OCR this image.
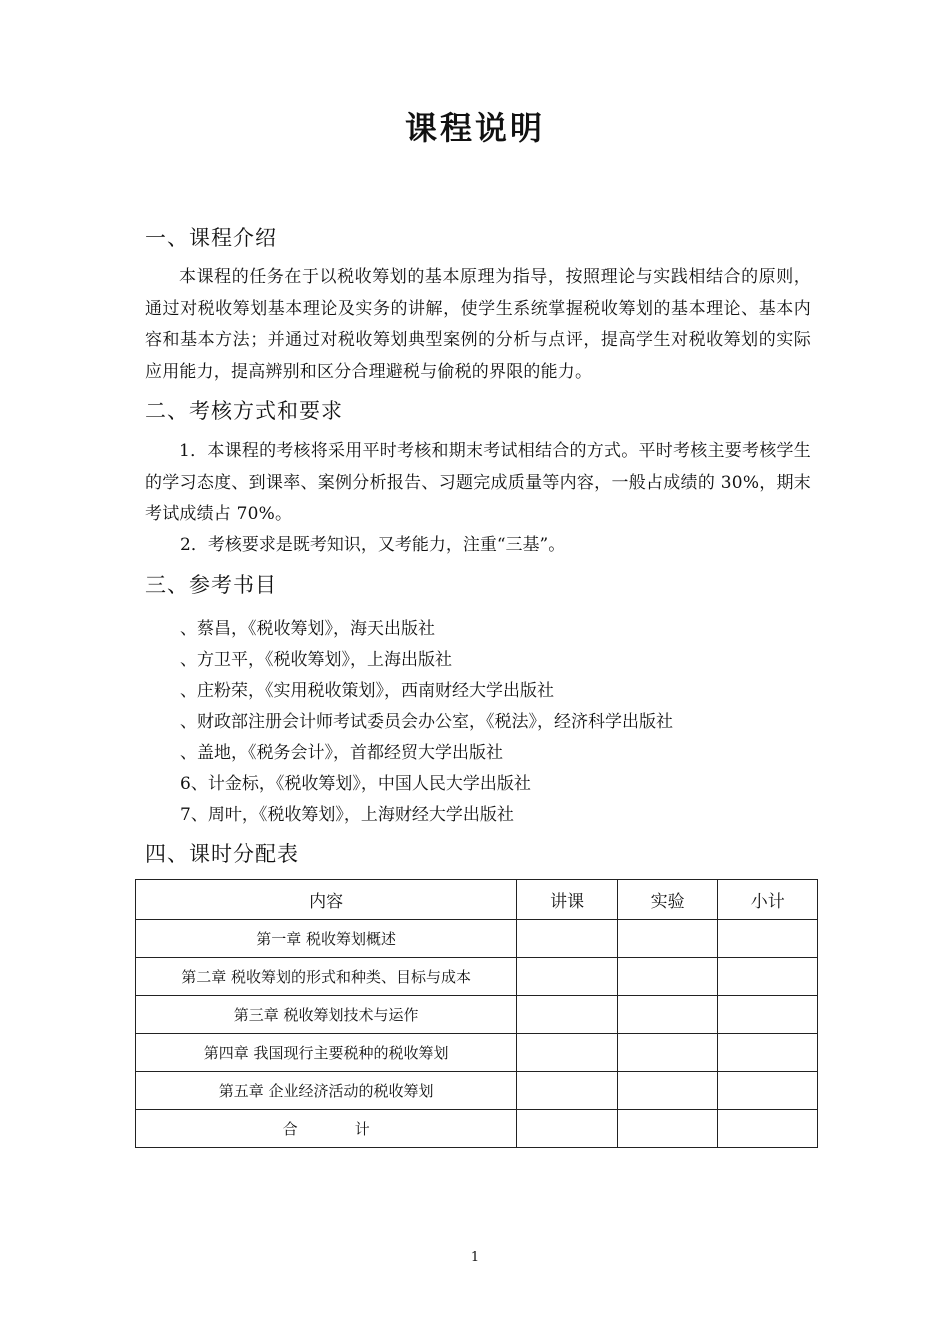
课程说明
一、课程介绍
本课程的任务在于以税收筹划的基本原理为指导，按照理论与实践相结合的原则，通过对税收筹划基本理论及实务的讲解，使学生系统掌握税收筹划的基本理论、基本内容和基本方法；并通过对税收筹划典型案例的分析与点评，提高学生对税收筹划的实际应用能力，提高辨别和区分合理避税与偷税的界限的能力。
二、考核方式和要求
1．本课程的考核将采用平时考核和期末考试相结合的方式。平时考核主要考核学生的学习态度、到课率、案例分析报告、习题完成质量等内容，一般占成绩的 30%，期末考试成绩占 70%。
2．考核要求是既考知识，又考能力，注重“三基”。
三、参考书目
、蔡昌，《税收筹划》，海天出版社
、方卫平，《税收筹划》，上海出版社
、庄粉荣，《实用税收策划》，西南财经大学出版社
、财政部注册会计师考试委员会办公室，《税法》，经济科学出版社
、盖地，《税务会计》，首都经贸大学出版社
6、计金标，《税收筹划》，中国人民大学出版社
7、周叶，《税收筹划》，上海财经大学出版社
四、课时分配表
内容	讲课	实验	小计
第一章 税收筹划概述			
第二章 税收筹划的形式和种类、目标与成本			
第三章 税收筹划技术与运作			
第四章 我国现行主要税种的税收筹划			
第五章 企业经济活动的税收筹划			
合            计			
1
